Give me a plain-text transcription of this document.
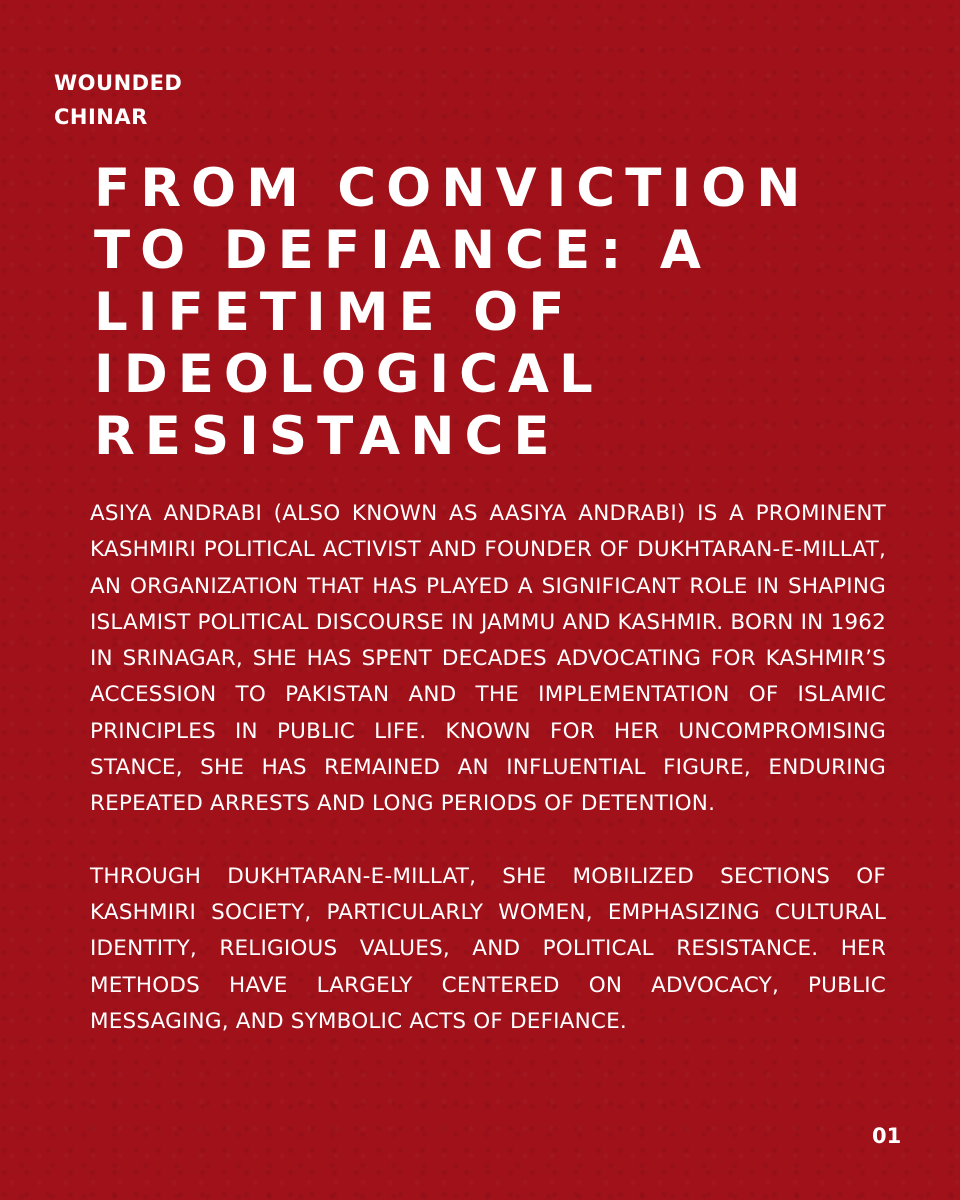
WOUNDED
CHINAR
FROM CONVICTION TO DEFIANCE: A LIFETIME OF IDEOLOGICAL RESISTANCE

ASIYA ANDRABI (ALSO KNOWN AS AASIYA ANDRABI) IS A PROMINENT KASHMIRI POLITICAL ACTIVIST AND FOUNDER OF DUKHTARAN-E-MILLAT, AN ORGANIZATION THAT HAS PLAYED A SIGNIFICANT ROLE IN SHAPING ISLAMIST POLITICAL DISCOURSE IN JAMMU AND KASHMIR. BORN IN 1962 IN SRINAGAR, SHE HAS SPENT DECADES ADVOCATING FOR KASHMIR’S ACCESSION TO PAKISTAN AND THE IMPLEMENTATION OF ISLAMIC PRINCIPLES IN PUBLIC LIFE. KNOWN FOR HER UNCOMPROMISING STANCE, SHE HAS REMAINED AN INFLUENTIAL FIGURE, ENDURING REPEATED ARRESTS AND LONG PERIODS OF DETENTION.

THROUGH DUKHTARAN-E-MILLAT, SHE MOBILIZED SECTIONS OF KASHMIRI SOCIETY, PARTICULARLY WOMEN, EMPHASIZING CULTURAL IDENTITY, RELIGIOUS VALUES, AND POLITICAL RESISTANCE. HER METHODS HAVE LARGELY CENTERED ON ADVOCACY, PUBLIC MESSAGING, AND SYMBOLIC ACTS OF DEFIANCE.

01
